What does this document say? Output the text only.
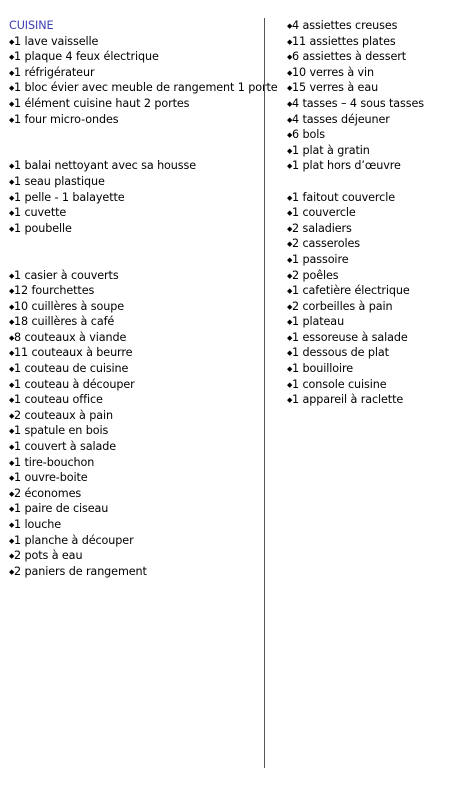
CUISINE
◆1 lave vaisselle
◆1 plaque 4 feux électrique
◆1 réfrigérateur
◆1 bloc évier avec meuble de rangement 1 porte
◆1 élément cuisine haut 2 portes
◆1 four micro-ondes
◆1 balai nettoyant avec sa housse
◆1 seau plastique
◆1 pelle - 1 balayette
◆1 cuvette
◆1 poubelle
◆1 casier à couverts
◆12 fourchettes
◆10 cuillères à soupe
◆18 cuillères à café
◆8 couteaux à viande
◆11 couteaux à beurre
◆1 couteau de cuisine
◆1 couteau à découper
◆1 couteau office
◆2 couteaux à pain
◆1 spatule en bois
◆1 couvert à salade
◆1 tire-bouchon
◆1 ouvre-boite
◆2 économes
◆1 paire de ciseau
◆1 louche
◆1 planche à découper
◆2 pots à eau
◆2 paniers de rangement
◆4 assiettes creuses
◆11 assiettes plates
◆6 assiettes à dessert
◆10 verres à vin
◆15 verres à eau
◆4 tasses – 4 sous tasses
◆4 tasses déjeuner
◆6 bols
◆1 plat à gratin
◆1 plat hors d’œuvre
◆1 faitout couvercle
◆1 couvercle
◆2 saladiers
◆2 casseroles
◆1 passoire
◆2 poêles
◆1 cafetière électrique
◆2 corbeilles à pain
◆1 plateau
◆1 essoreuse à salade
◆1 dessous de plat
◆1 bouilloire
◆1 console cuisine
◆1 appareil à raclette
